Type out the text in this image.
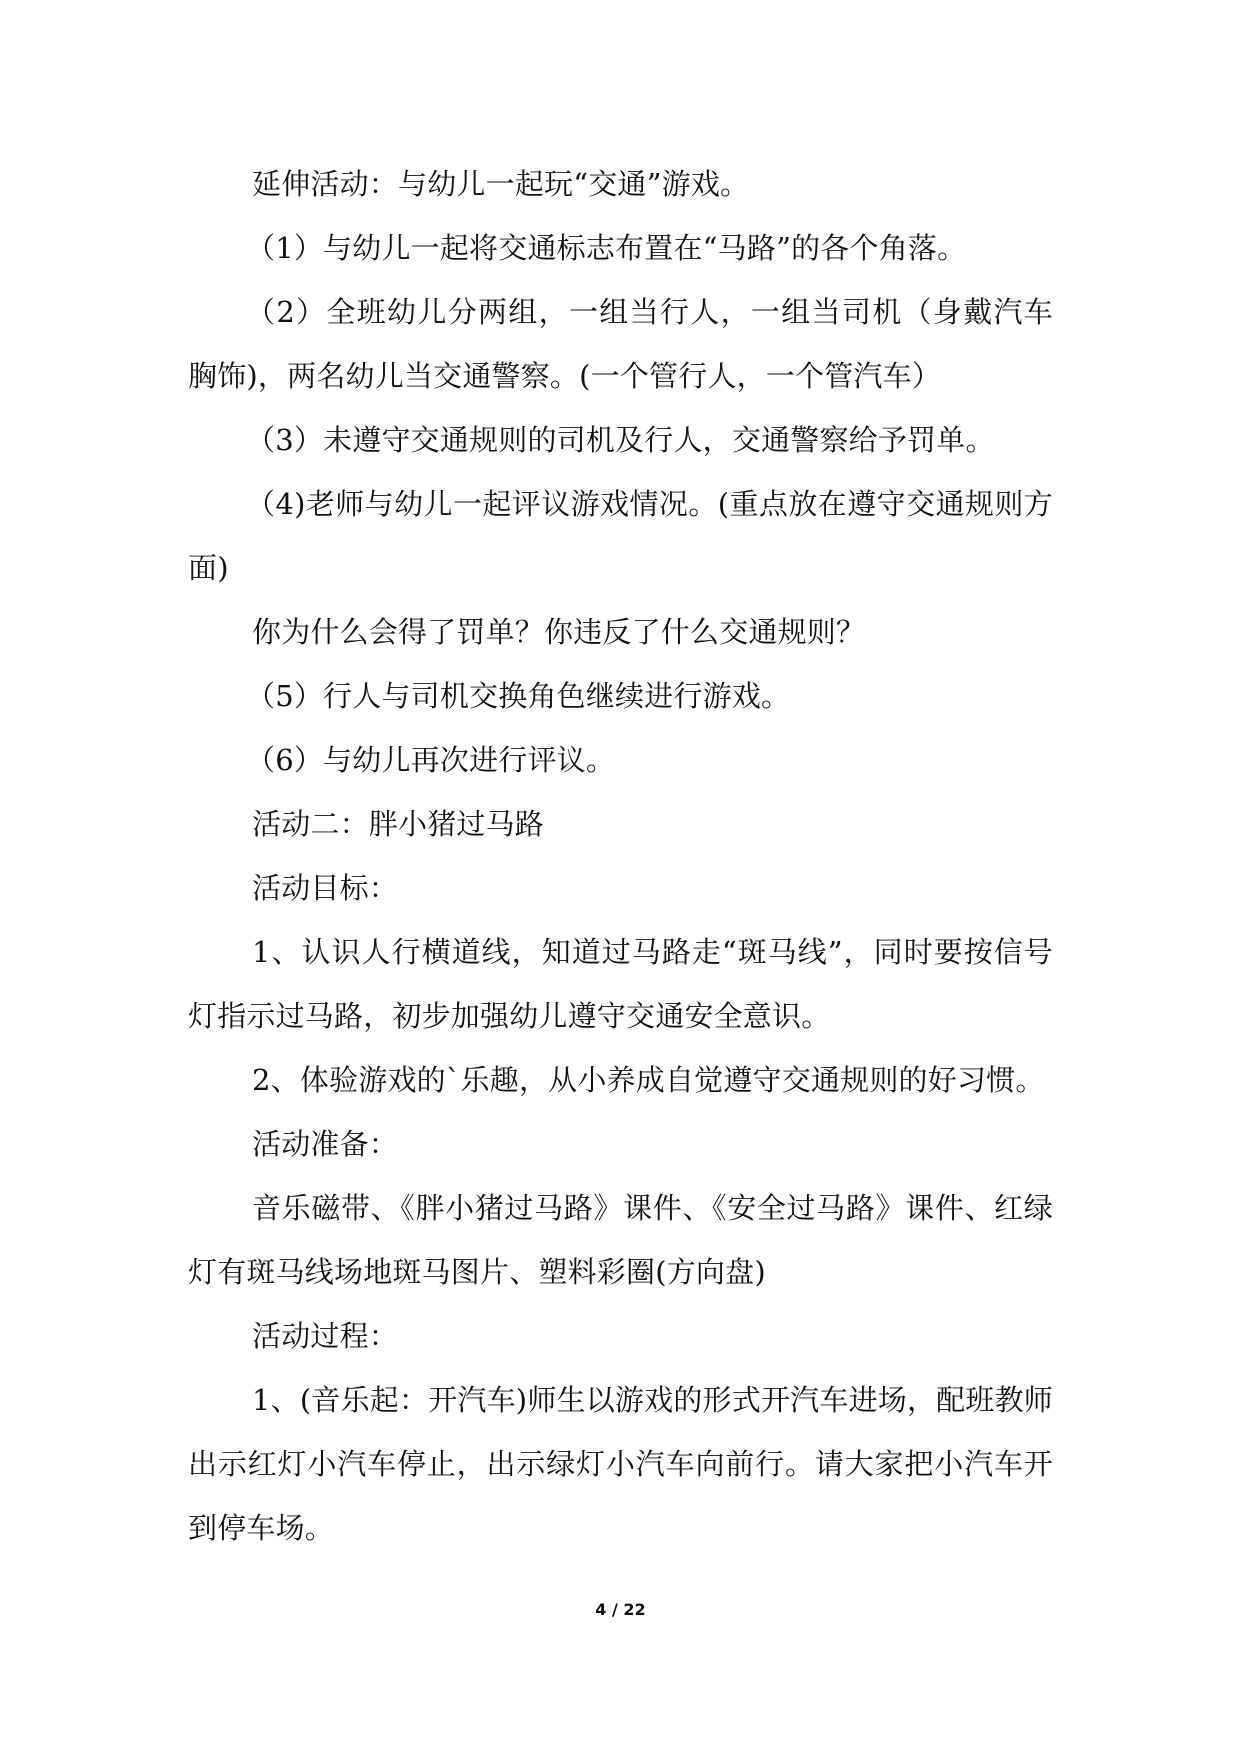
延伸活动：与幼儿一起玩“交通”游戏。

（1）与幼儿一起将交通标志布置在“马路”的各个角落。

（2）全班幼儿分两组，一组当行人，一组当司机（身戴汽车胸饰)，两名幼儿当交通警察。(一个管行人，一个管汽车）

（3）未遵守交通规则的司机及行人，交通警察给予罚单。

（4)老师与幼儿一起评议游戏情况。(重点放在遵守交通规则方面)

你为什么会得了罚单？你违反了什么交通规则？

（5）行人与司机交换角色继续进行游戏。

（6）与幼儿再次进行评议。

活动二：胖小猪过马路

活动目标：

1、认识人行横道线，知道过马路走“斑马线”，同时要按信号灯指示过马路，初步加强幼儿遵守交通安全意识。

2、体验游戏的`乐趣，从小养成自觉遵守交通规则的好习惯。

活动准备：

音乐磁带、《胖小猪过马路》课件、《安全过马路》课件、红绿灯有斑马线场地斑马图片、塑料彩圈(方向盘)

活动过程：

1、(音乐起：开汽车)师生以游戏的形式开汽车进场，配班教师出示红灯小汽车停止，出示绿灯小汽车向前行。请大家把小汽车开到停车场。

4 / 22
